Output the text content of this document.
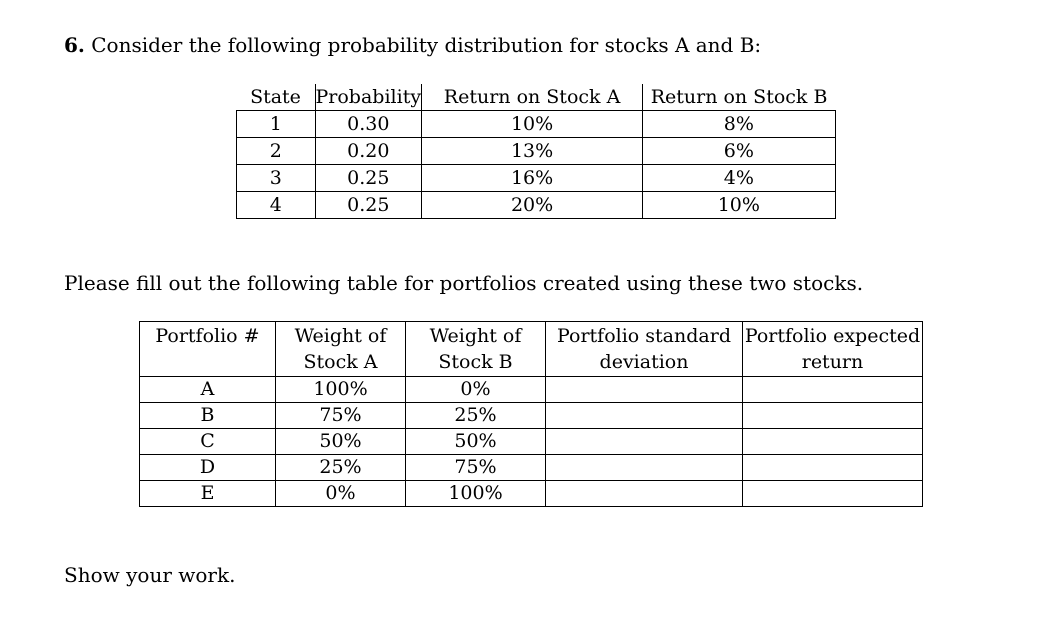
6. Consider the following probability distribution for stocks A and B:
State	Probability	Return on Stock A	Return on Stock B
1	0.30	10%	8%
2	0.20	13%	6%
3	0.25	16%	4%
4	0.25	20%	10%
Please fill out the following table for portfolios created using these two stocks.
Portfolio #	Weight of Stock A	Weight of Stock B	Portfolio standard deviation	Portfolio expected return
A	100%	0%		
B	75%	25%		
C	50%	50%		
D	25%	75%		
E	0%	100%		
Show your work.
